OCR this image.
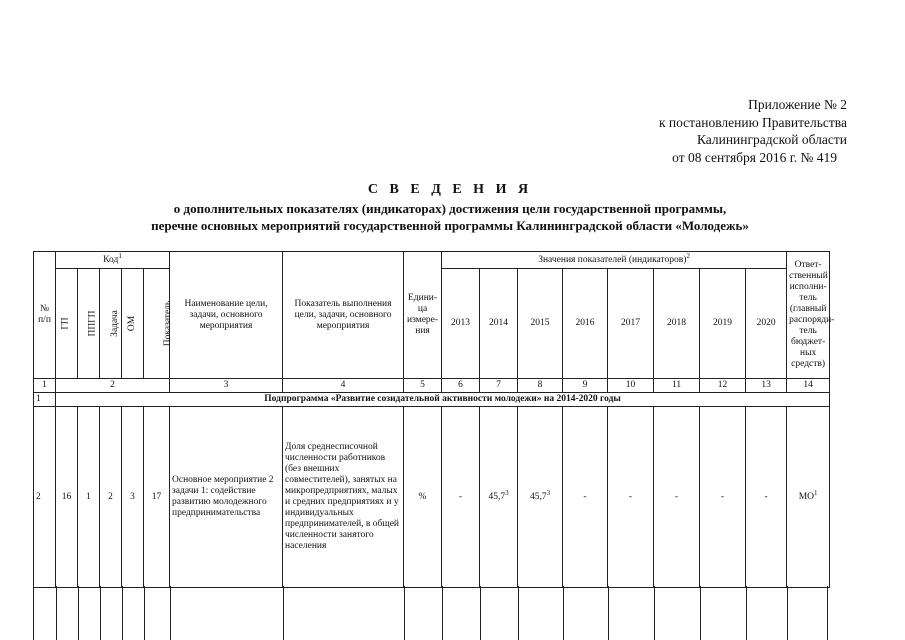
Приложение № 2
к постановлению Правительства
Калининградской области
от 08 сентября 2016 г. № 419
С В Е Д Е Н И Я
о дополнительных показателях (индикаторах) достижения цели государственной программы,
перечне основных мероприятий государственной программы Калининградской области «Молодежь»
№ п/п	Код$^1$					Наименование цели, задачи, основного мероприятия	Показатель выполнения цели, задачи, основного мероприятия	Едини-ца измере-ния	Значения показателей (индикаторов)$^2$								Ответ-ственный исполни-тель (главный распоряди-тель бюджет-ных средств)
	ГП	ППГП	Задача	ОМ	Показатель				2013	2014	2015	2016	2017	2018	2019	2020	
1	2					3	4	5	6	7	8	9	10	11	12	13	14
1	Подпрограмма «Развитие созидательной активности молодежи» на 2014-2020 годы																
2	16	1	2	3	17	Основное мероприятие 2 задачи 1: содействие развитию молодежного предпринимательства	Доля среднесписочной численности работников (без внешних совместителей), занятых на микропредприятиях, малых и средних предприятиях и у индивидуальных предпринимателей, в общей численности занятого населения	%	-	45,7$^3$	45,7$^3$	-	-	-	-	-	$МО^1$
